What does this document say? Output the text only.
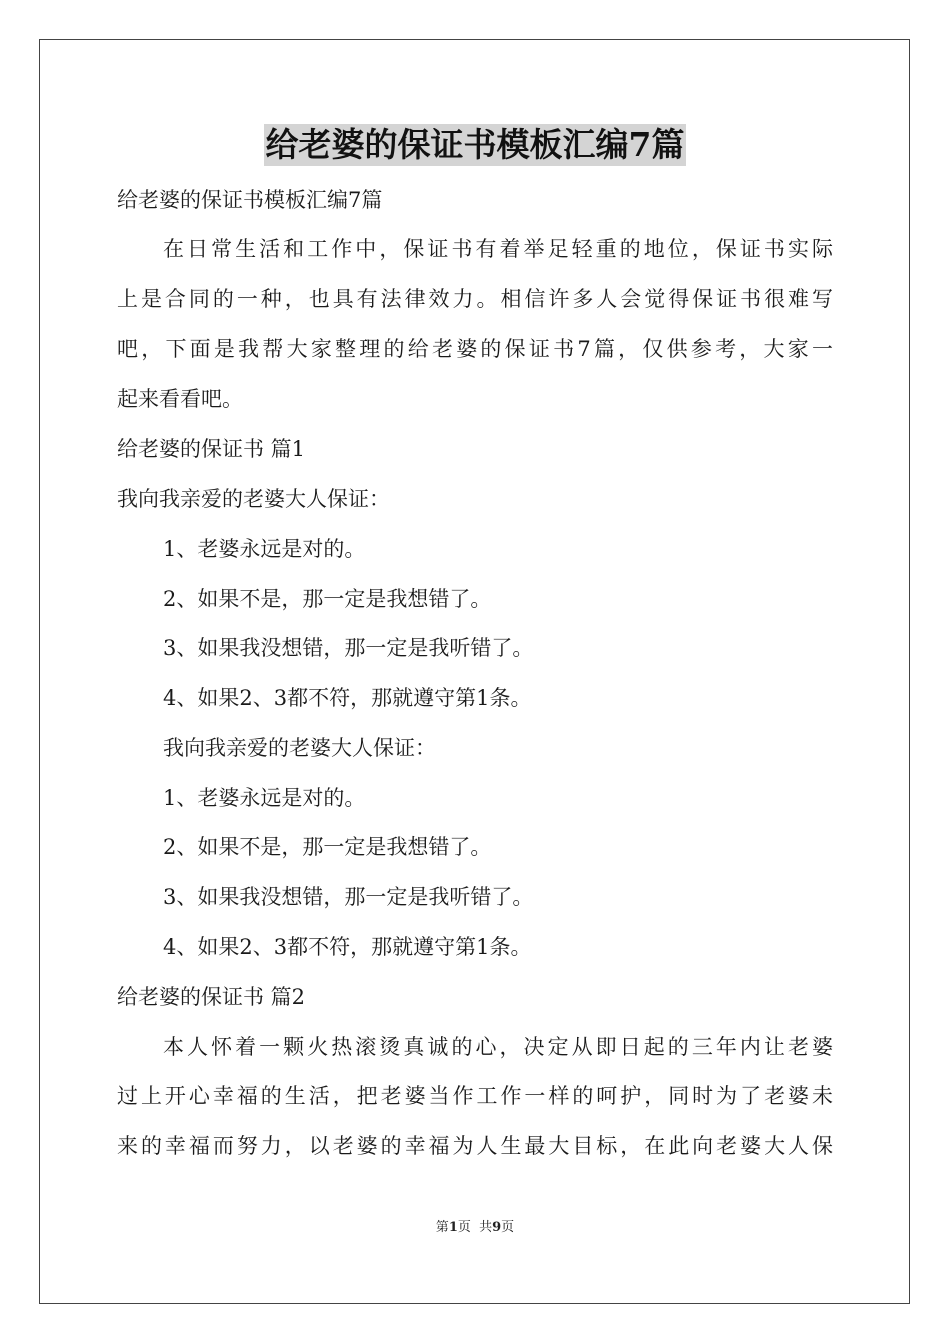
给老婆的保证书模板汇编7篇
给老婆的保证书模板汇编7篇
在日常生活和工作中，保证书有着举足轻重的地位，保证书实际
上是合同的一种，也具有法律效力。相信许多人会觉得保证书很难写
吧，下面是我帮大家整理的给老婆的保证书7篇，仅供参考，大家一
起来看看吧。
给老婆的保证书 篇1
我向我亲爱的老婆大人保证：
1、老婆永远是对的。
2、如果不是，那一定是我想错了。
3、如果我没想错，那一定是我听错了。
4、如果2、3都不符，那就遵守第1条。
我向我亲爱的老婆大人保证：
1、老婆永远是对的。
2、如果不是，那一定是我想错了。
3、如果我没想错，那一定是我听错了。
4、如果2、3都不符，那就遵守第1条。
给老婆的保证书 篇2
本人怀着一颗火热滚烫真诚的心，决定从即日起的三年内让老婆
过上开心幸福的生活，把老婆当作工作一样的呵护，同时为了老婆未
来的幸福而努力，以老婆的幸福为人生最大目标，在此向老婆大人保
第1页  共9页
